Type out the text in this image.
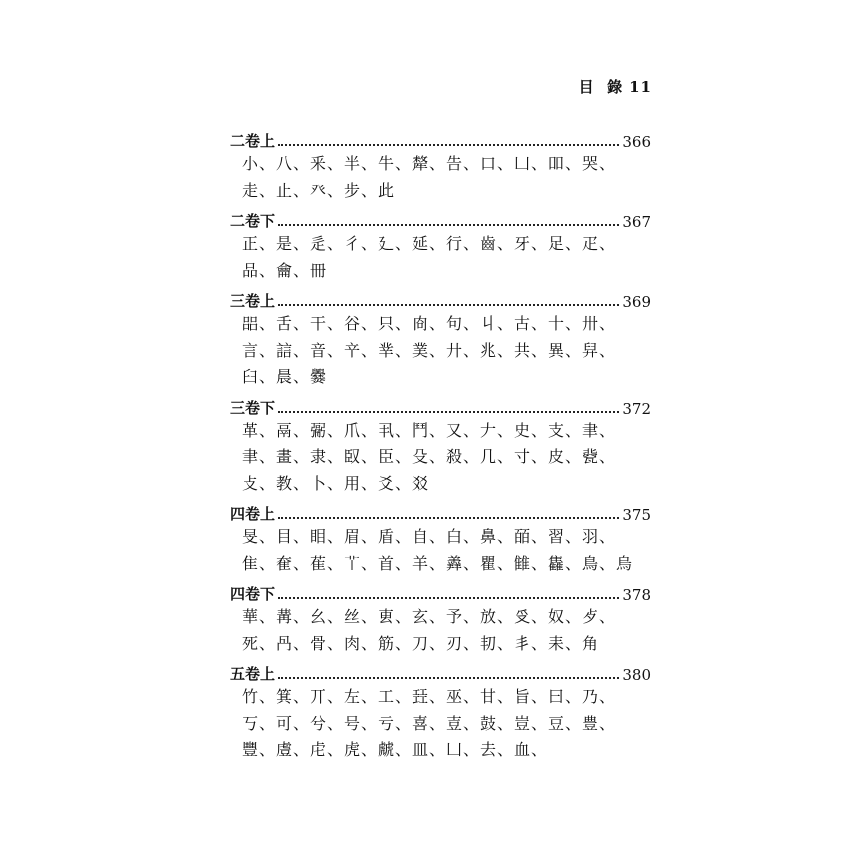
目  錄 11
二卷上	366
小、八、釆、半、牛、犛、告、口、凵、吅、哭、走、止、癶、步、此
二卷下	367
正、是、辵、彳、廴、延、行、齒、牙、足、疋、品、龠、冊
三卷上	369
㗊、舌、干、谷、只、㕯、句、丩、古、十、卅、言、誩、音、䇂、丵、菐、廾、兆、共、異、舁、臼、晨、爨
三卷下	372
革、鬲、䰜、爪、丮、鬥、又、𠂇、史、支、聿、聿、畫、隶、臤、臣、殳、殺、几、寸、皮、㼱、攴、教、卜、用、爻、㸚
四卷上	375
旻、目、䀠、眉、盾、自、白、鼻、皕、習、羽、隹、奞、萑、𦫳、首、羊、羴、瞿、雔、雥、鳥、烏
四卷下	378
華、冓、幺、丝、叀、玄、予、放、𠬪、奴、歺、死、冎、骨、肉、筋、刀、刃、㓞、丯、耒、角
五卷上	380
竹、箕、丌、左、工、㠭、巫、甘、旨、曰、乃、丂、可、兮、号、亏、喜、壴、鼓、豈、豆、豊、豐、䖒、虍、虎、虤、皿、凵、去、血、
